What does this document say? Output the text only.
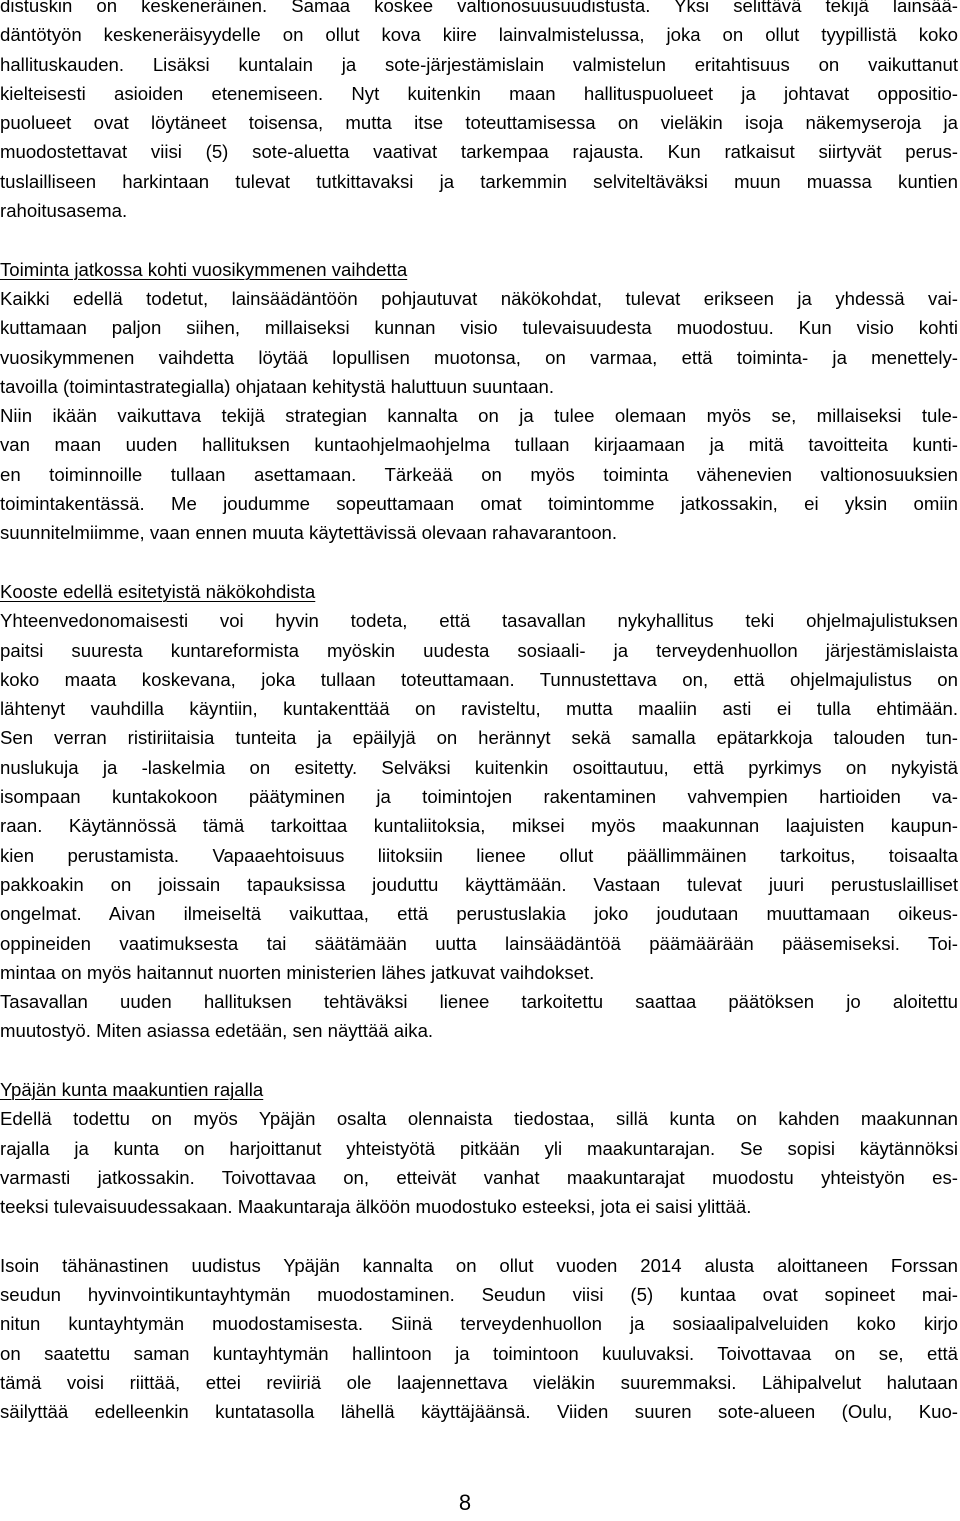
distuskin on keskeneräinen. Samaa koskee valtionosuusuudistusta. Yksi selittävä tekijä lainsää-
däntötyön keskeneräisyydelle on ollut kova kiire lainvalmistelussa, joka on ollut tyypillistä koko
hallituskauden. Lisäksi kuntalain ja sote-järjestämislain valmistelun eritahtisuus on vaikuttanut
kielteisesti asioiden etenemiseen. Nyt kuitenkin maan hallituspuolueet ja johtavat oppositio-
puolueet ovat löytäneet toisensa, mutta itse toteuttamisessa on vieläkin isoja näkemyseroja ja
muodostettavat viisi (5) sote-aluetta vaativat tarkempaa rajausta. Kun ratkaisut siirtyvät perus-
tuslailliseen harkintaan tulevat tutkittavaksi ja tarkemmin selviteltäväksi muun muassa kuntien
rahoitusasema.
Toiminta jatkossa kohti vuosikymmenen vaihdetta
Kaikki edellä todetut, lainsäädäntöön pohjautuvat näkökohdat, tulevat erikseen ja yhdessä vai-
kuttamaan paljon siihen, millaiseksi kunnan visio tulevaisuudesta muodostuu. Kun visio kohti
vuosikymmenen vaihdetta löytää lopullisen muotonsa, on varmaa, että toiminta- ja menettely-
tavoilla (toimintastrategialla) ohjataan kehitystä haluttuun suuntaan.
Niin ikään vaikuttava tekijä strategian kannalta on ja tulee olemaan myös se, millaiseksi tule-
van maan uuden hallituksen kuntaohjelmaohjelma tullaan kirjaamaan ja mitä tavoitteita kunti-
en toiminnoille tullaan asettamaan. Tärkeää on myös toiminta vähenevien valtionosuuksien
toimintakentässä. Me joudumme sopeuttamaan omat toimintomme jatkossakin, ei yksin omiin
suunnitelmiimme, vaan ennen muuta käytettävissä olevaan rahavarantoon.
Kooste edellä esitetyistä näkökohdista
Yhteenvedonomaisesti voi hyvin todeta, että tasavallan nykyhallitus teki ohjelmajulistuksen
paitsi suuresta kuntareformista myöskin uudesta sosiaali- ja terveydenhuollon järjestämislaista
koko maata koskevana, joka tullaan toteuttamaan. Tunnustettava on, että ohjelmajulistus on
lähtenyt vauhdilla käyntiin, kuntakenttää on ravisteltu, mutta maaliin asti ei tulla ehtimään.
Sen verran ristiriitaisia tunteita ja epäilyjä on herännyt sekä samalla epätarkkoja talouden tun-
nuslukuja ja -laskelmia on esitetty. Selväksi kuitenkin osoittautuu, että pyrkimys on nykyistä
isompaan kuntakokoon päätyminen ja toimintojen rakentaminen vahvempien hartioiden va-
raan. Käytännössä tämä tarkoittaa kuntaliitoksia, miksei myös maakunnan laajuisten kaupun-
kien perustamista. Vapaaehtoisuus liitoksiin lienee ollut päällimmäinen tarkoitus, toisaalta
pakkoakin on joissain tapauksissa jouduttu käyttämään. Vastaan tulevat juuri perustuslailliset
ongelmat. Aivan ilmeiseltä vaikuttaa, että perustuslakia joko joudutaan muuttamaan oikeus-
oppineiden vaatimuksesta tai säätämään uutta lainsäädäntöä päämäärään pääsemiseksi. Toi-
mintaa on myös haitannut nuorten ministerien lähes jatkuvat vaihdokset.
Tasavallan uuden hallituksen tehtäväksi lienee tarkoitettu saattaa päätöksen jo aloitettu
muutostyö. Miten asiassa edetään, sen näyttää aika.
Ypäjän kunta maakuntien rajalla
Edellä todettu on myös Ypäjän osalta olennaista tiedostaa, sillä kunta on kahden maakunnan
rajalla ja kunta on harjoittanut yhteistyötä pitkään yli maakuntarajan. Se sopisi käytännöksi
varmasti jatkossakin. Toivottavaa on, etteivät vanhat maakuntarajat muodostu yhteistyön es-
teeksi tulevaisuudessakaan. Maakuntaraja älköön muodostuko esteeksi, jota ei saisi ylittää.
Isoin tähänastinen uudistus Ypäjän kannalta on ollut vuoden 2014 alusta aloittaneen Forssan
seudun hyvinvointikuntayhtymän muodostaminen. Seudun viisi (5) kuntaa ovat sopineet mai-
nitun kuntayhtymän muodostamisesta. Siinä terveydenhuollon ja sosiaalipalveluiden koko kirjo
on saatettu saman kuntayhtymän hallintoon ja toimintoon kuuluvaksi. Toivottavaa on se, että
tämä voisi riittää, ettei reviiriä ole laajennettava vieläkin suuremmaksi. Lähipalvelut halutaan
säilyttää edelleenkin kuntatasolla lähellä käyttäjäänsä. Viiden suuren sote-alueen (Oulu, Kuo-
8
